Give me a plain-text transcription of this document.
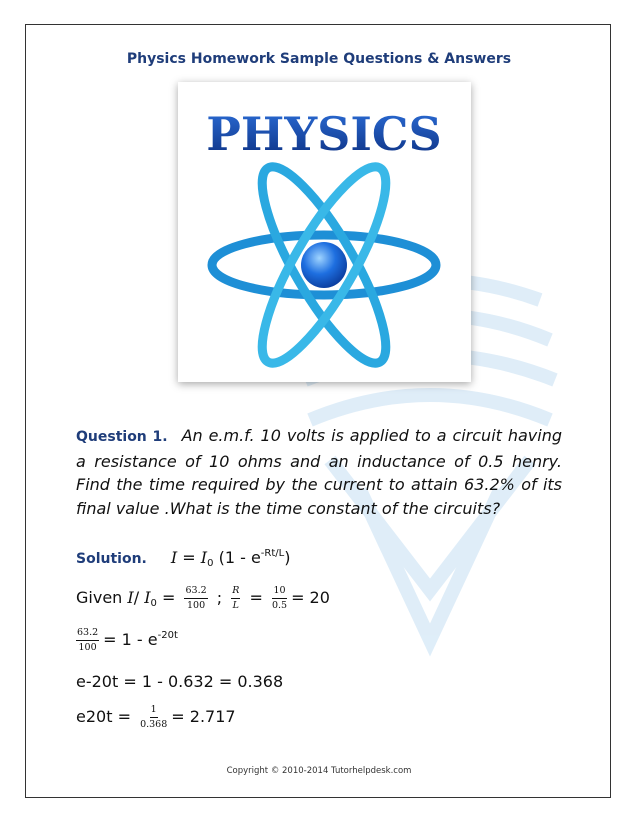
Physics Homework Sample Questions & Answers
PHYSICS
Question 1. An e.m.f. 10 volts is applied to a circuit having a resistance of 10 ohms and an inductance of 0.5 henry. Find the time required by the current to attain 63.2% of its final value .What is the time constant of the circuits?
Solution. $I = I_0$ $(1 - e^{-Rt/L})$
Given I/ $I_0 = \frac{63.2}{100}$ ; $\frac{R}{L} = \frac{10}{0.5} = 20$
$\frac{63.2}{100} = 1 - e^{-20t}$
e-20t = 1 - 0.632 = 0.368
$e20t = \frac{1}{0.368} = 2.717$
Copyright © 2010-2014 Tutorhelpdesk.com
